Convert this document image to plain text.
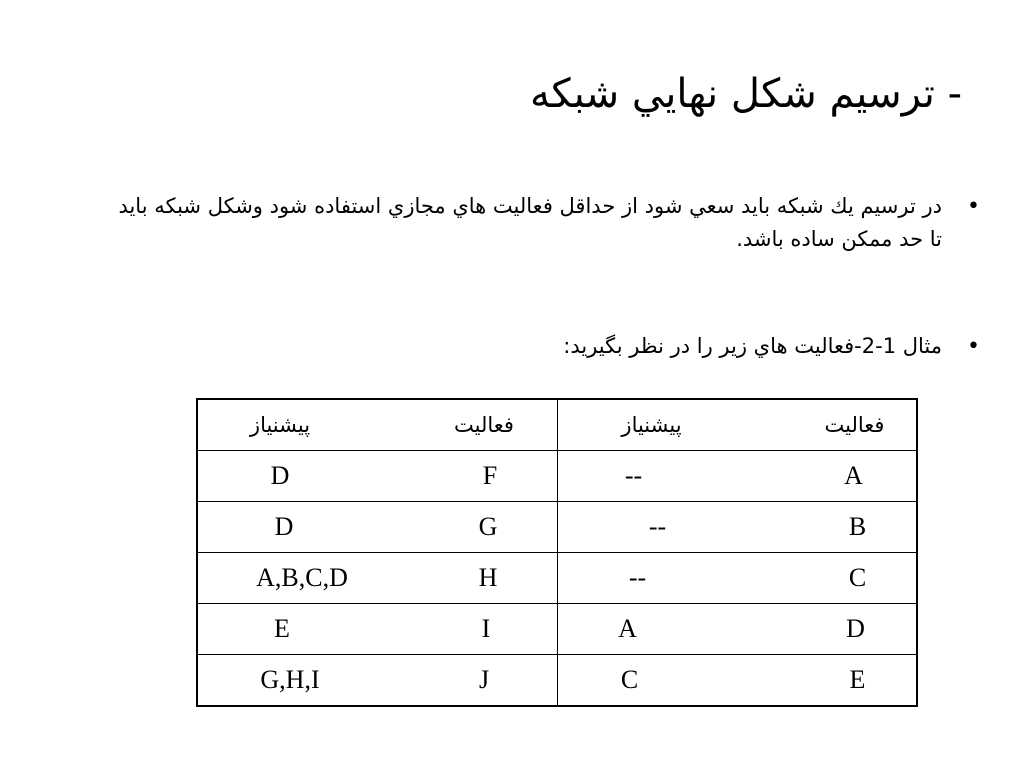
- ترسيم شكل نهايي شبكه
•
در ترسيم يك شبكه بايد سعي شود از حداقل فعاليت هاي مجازي استفاده شود وشكل شبكه بايد تا حد ممكن ساده باشد.
•
مثال 1-2-فعاليت هاي زير را در نظر بگيريد:
پيشنياز فعاليت	پيشنياز فعاليت

D F	-- A

D G	-- B

A,B,C,D H	-- C

E I	A D

G,H,I J	C E
